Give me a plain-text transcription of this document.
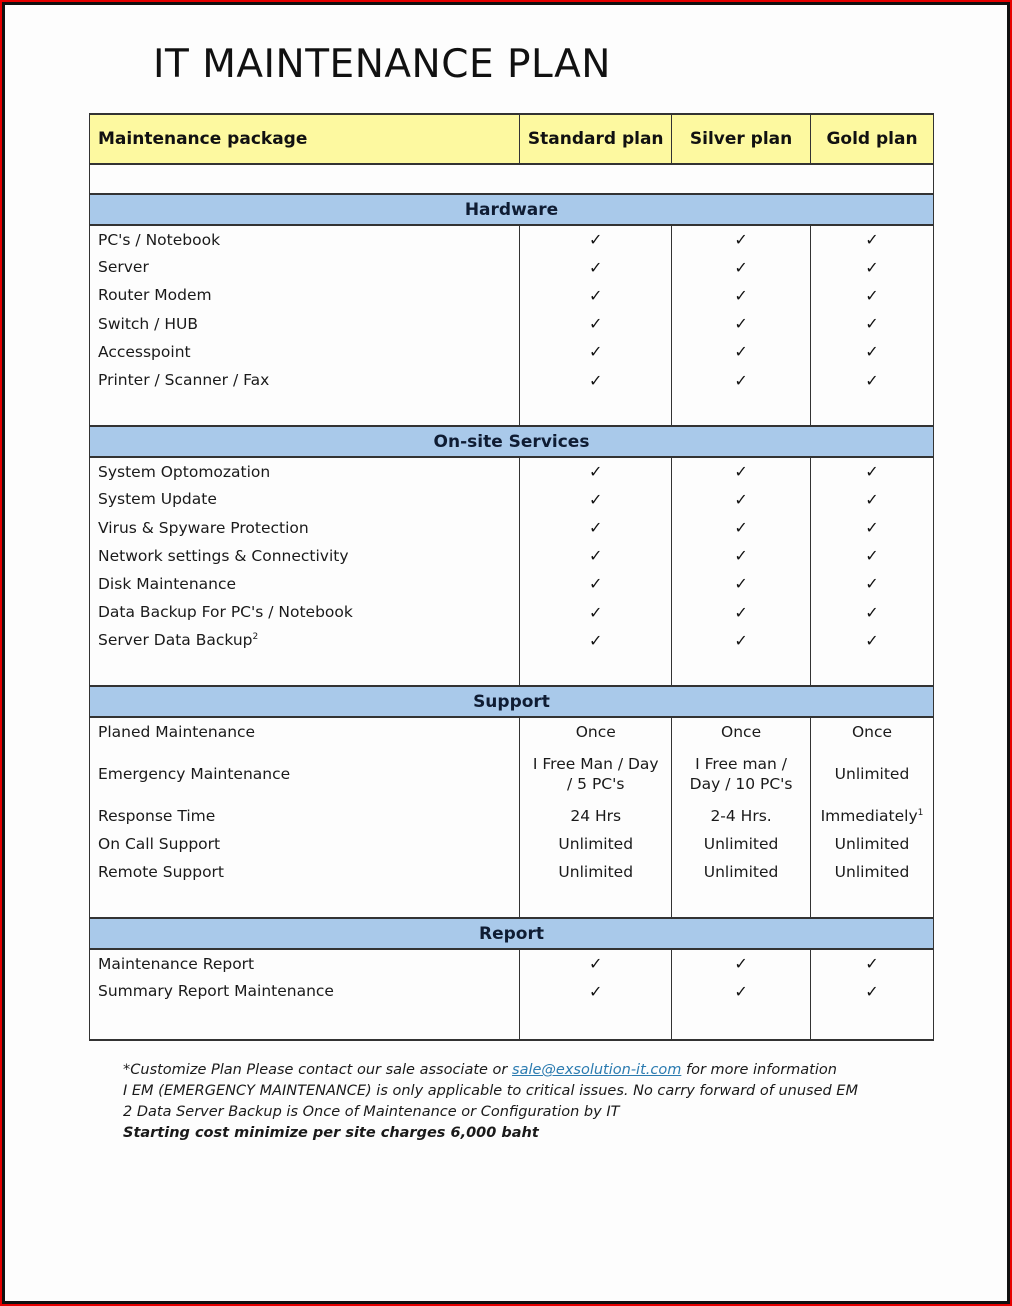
IT MAINTENANCE PLAN
Maintenance package	Standard plan	Silver plan	Gold plan

Hardware			
PC's / Notebook	✓	✓	✓
Server	✓	✓	✓
Router Modem	✓	✓	✓
Switch / HUB	✓	✓	✓
Accesspoint	✓	✓	✓
Printer / Scanner / Fax	✓	✓	✓

On-site Services			
System Optomozation	✓	✓	✓
System Update	✓	✓	✓
Virus & Spyware Protection	✓	✓	✓
Network settings & Connectivity	✓	✓	✓
Disk Maintenance	✓	✓	✓
Data Backup For PC's / Notebook	✓	✓	✓
Server Data Backup$^2$	✓	✓	✓

Support			
Planed Maintenance	Once	Once	Once
Emergency Maintenance	I Free Man / Day / 5 PC's	I Free man / Day / 10 PC's	Unlimited
Response Time	24 Hrs	2-4 Hrs.	Immediately$^1$
On Call Support	Unlimited	Unlimited	Unlimited
Remote Support	Unlimited	Unlimited	Unlimited

Report			
Maintenance Report	✓	✓	✓
Summary Report Maintenance	✓	✓	✓

*Customize Plan Please contact our sale associate or sale@exsolution-it.com for more information
I EM (EMERGENCY MAINTENANCE) is only applicable to critical issues. No carry forward of unused EM
2 Data Server Backup is Once of Maintenance or Configuration by IT
Starting cost minimize per site charges 6,000 baht
